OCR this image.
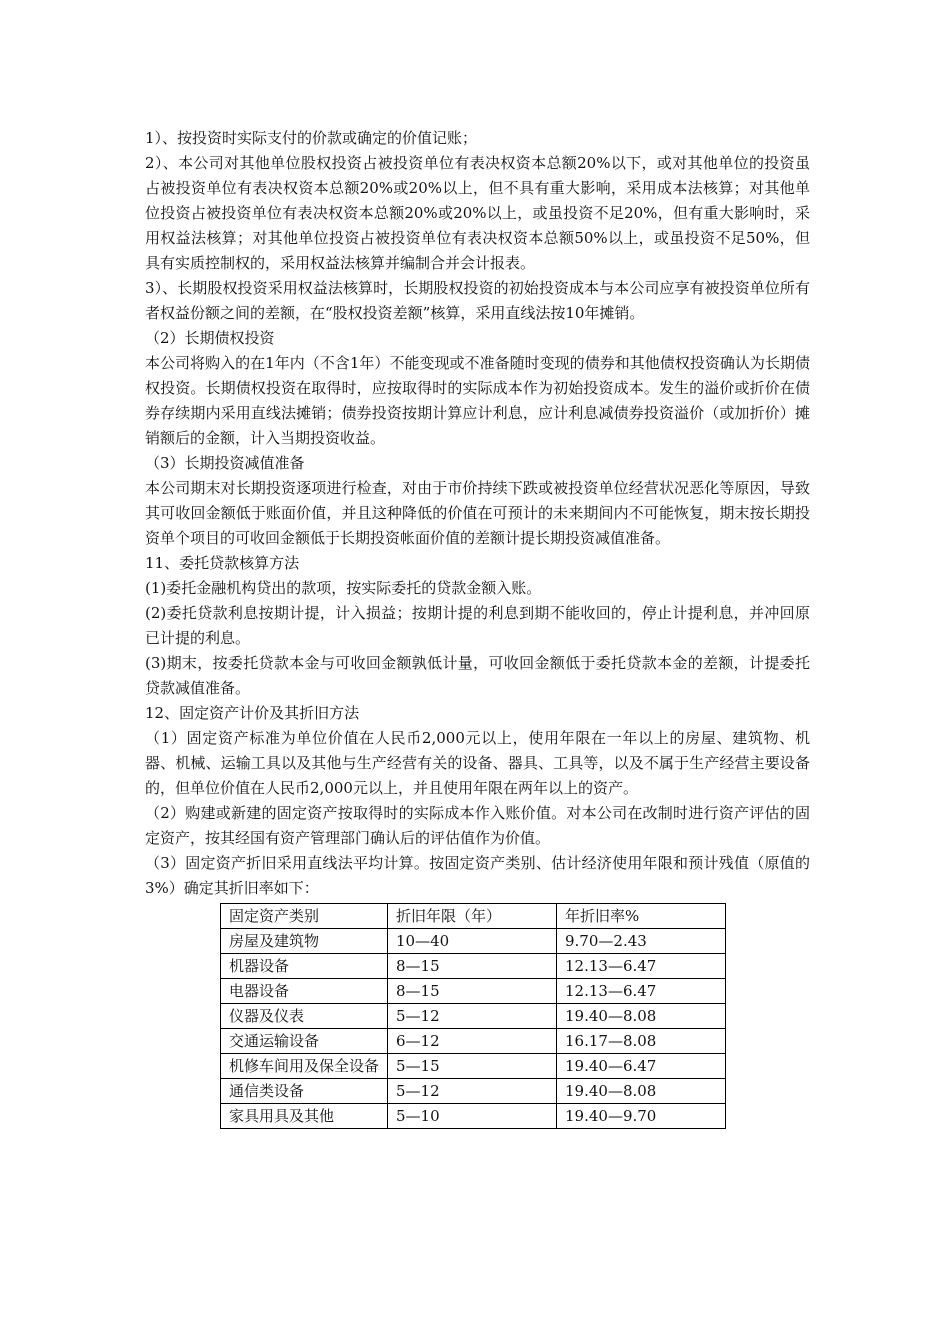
1）、按投资时实际支付的价款或确定的价值记账；

2）、本公司对其他单位股权投资占被投资单位有表决权资本总额20%以下，或对其他单位的投资虽占被投资单位有表决权资本总额20%或20%以上，但不具有重大影响，采用成本法核算；对其他单位投资占被投资单位有表决权资本总额20%或20%以上，或虽投资不足20%，但有重大影响时，采用权益法核算；对其他单位投资占被投资单位有表决权资本总额50%以上，或虽投资不足50%，但具有实质控制权的，采用权益法核算并编制合并会计报表。

3）、长期股权投资采用权益法核算时，长期股权投资的初始投资成本与本公司应享有被投资单位所有者权益份额之间的差额，在“股权投资差额”核算，采用直线法按10年摊销。

（2）长期债权投资

本公司将购入的在1年内（不含1年）不能变现或不准备随时变现的债券和其他债权投资确认为长期债权投资。长期债权投资在取得时，应按取得时的实际成本作为初始投资成本。发生的溢价或折价在债券存续期内采用直线法摊销；债券投资按期计算应计利息，应计利息减债券投资溢价（或加折价）摊销额后的金额，计入当期投资收益。

（3）长期投资减值准备

本公司期末对长期投资逐项进行检查，对由于市价持续下跌或被投资单位经营状况恶化等原因，导致其可收回金额低于账面价值，并且这种降低的价值在可预计的未来期间内不可能恢复，期末按长期投资单个项目的可收回金额低于长期投资帐面价值的差额计提长期投资减值准备。

11、委托贷款核算方法

(1)委托金融机构贷出的款项，按实际委托的贷款金额入账。

(2)委托贷款利息按期计提，计入损益；按期计提的利息到期不能收回的，停止计提利息，并冲回原已计提的利息。

(3)期末，按委托贷款本金与可收回金额孰低计量，可收回金额低于委托贷款本金的差额，计提委托贷款减值准备。

12、固定资产计价及其折旧方法

（1）固定资产标准为单位价值在人民币2,000元以上，使用年限在一年以上的房屋、建筑物、机器、机械、运输工具以及其他与生产经营有关的设备、器具、工具等，以及不属于生产经营主要设备的，但单位价值在人民币2,000元以上，并且使用年限在两年以上的资产。

（2）购建或新建的固定资产按取得时的实际成本作入账价值。对本公司在改制时进行资产评估的固定资产，按其经国有资产管理部门确认后的评估值作为价值。

（3）固定资产折旧采用直线法平均计算。按固定资产类别、估计经济使用年限和预计残值（原值的3%）确定其折旧率如下：

固定资产类别	折旧年限（年）	年折旧率%
房屋及建筑物	10—40	9.70—2.43
机器设备	8—15	12.13—6.47
电器设备	8—15	12.13—6.47
仪器及仪表	5—12	19.40—8.08
交通运输设备	6—12	16.17—8.08
机修车间用及保全设备	5—15	19.40—6.47
通信类设备	5—12	19.40—8.08
家具用具及其他	5—10	19.40—9.70
